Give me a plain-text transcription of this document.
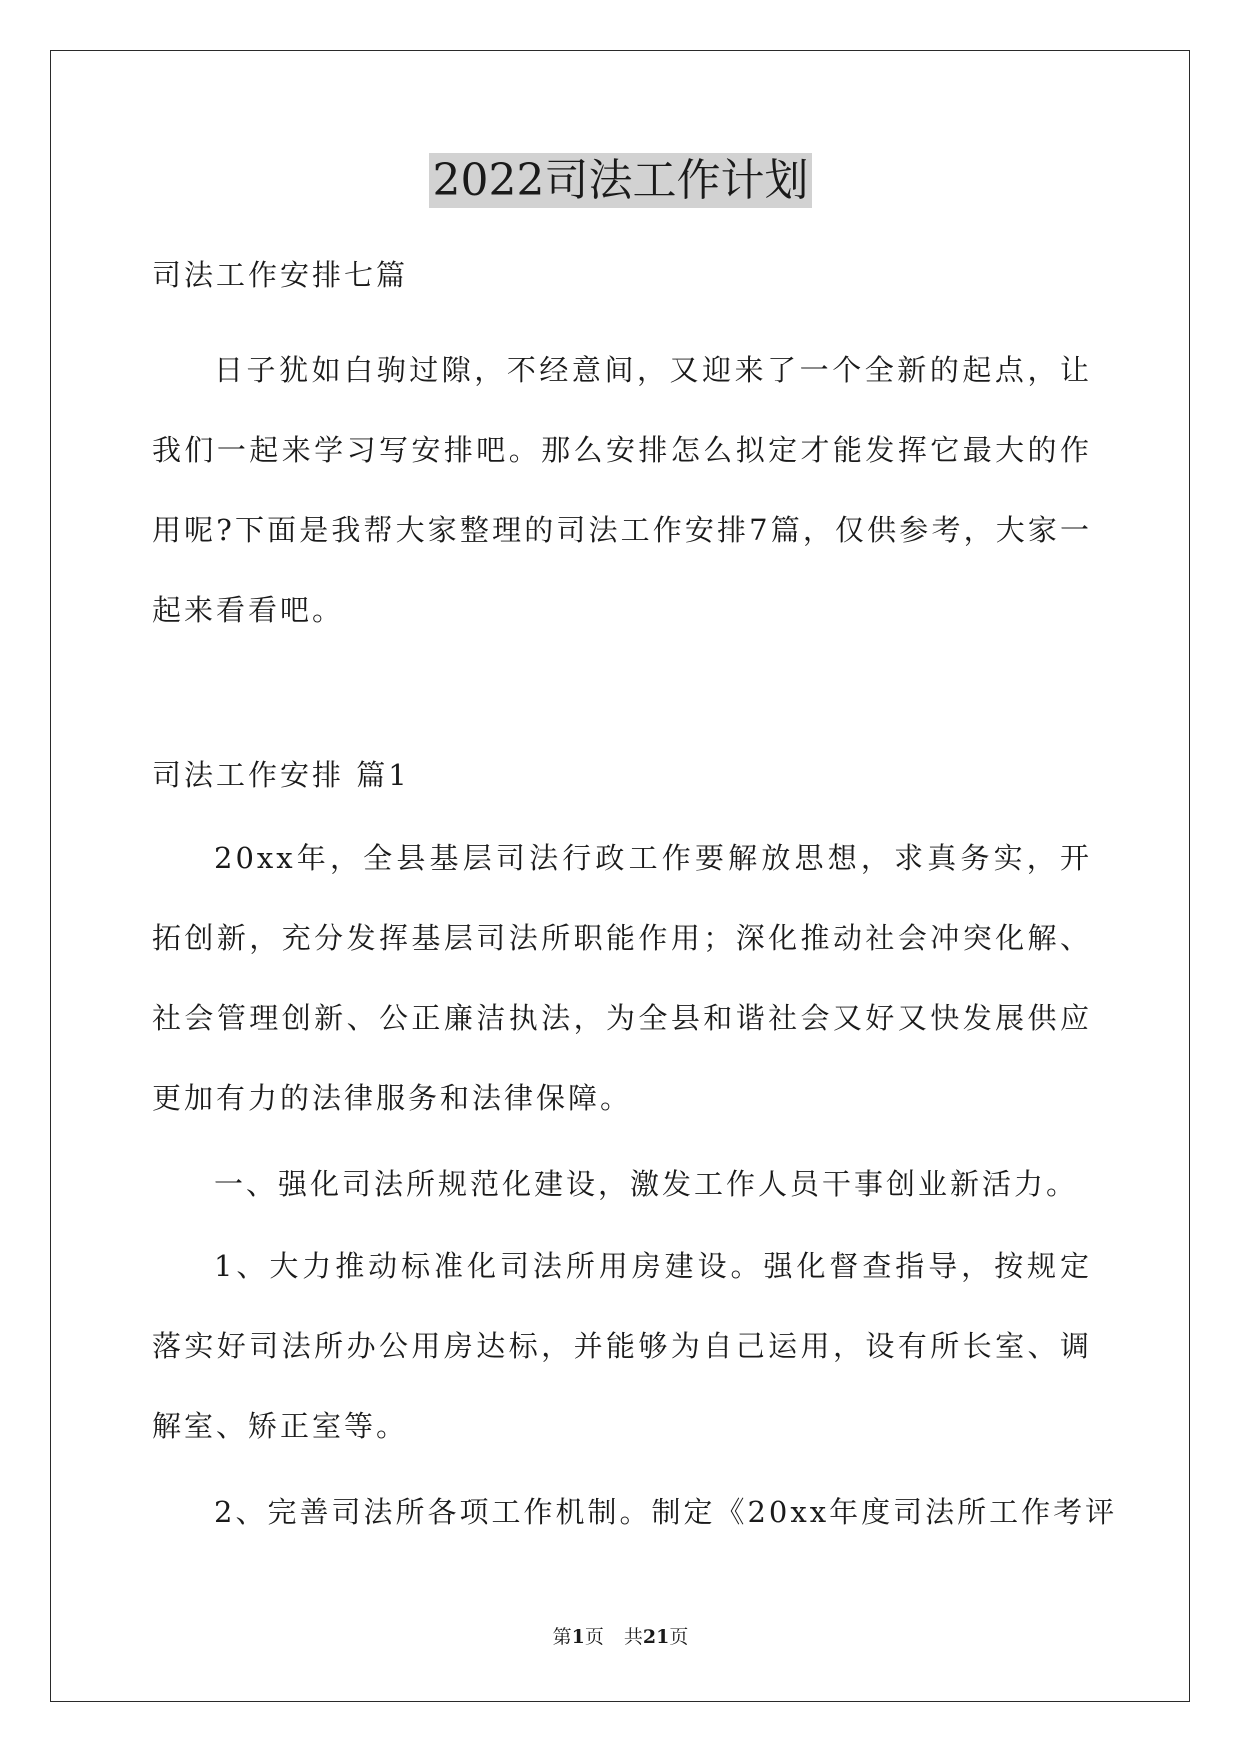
2022司法工作计划

司法工作安排七篇

日子犹如白驹过隙，不经意间，又迎来了一个全新的起点，让我们一起来学习写安排吧。那么安排怎么拟定才能发挥它最大的作用呢?下面是我帮大家整理的司法工作安排7篇，仅供参考，大家一起来看看吧。

司法工作安排 篇1

20xx年，全县基层司法行政工作要解放思想，求真务实，开拓创新，充分发挥基层司法所职能作用；深化推动社会冲突化解、社会管理创新、公正廉洁执法，为全县和谐社会又好又快发展供应更加有力的法律服务和法律保障。

一、强化司法所规范化建设，激发工作人员干事创业新活力。

1、大力推动标准化司法所用房建设。强化督查指导，按规定落实好司法所办公用房达标，并能够为自己运用，设有所长室、调解室、矫正室等。

2、完善司法所各项工作机制。制定《20xx年度司法所工作考评

第1页 共21页
